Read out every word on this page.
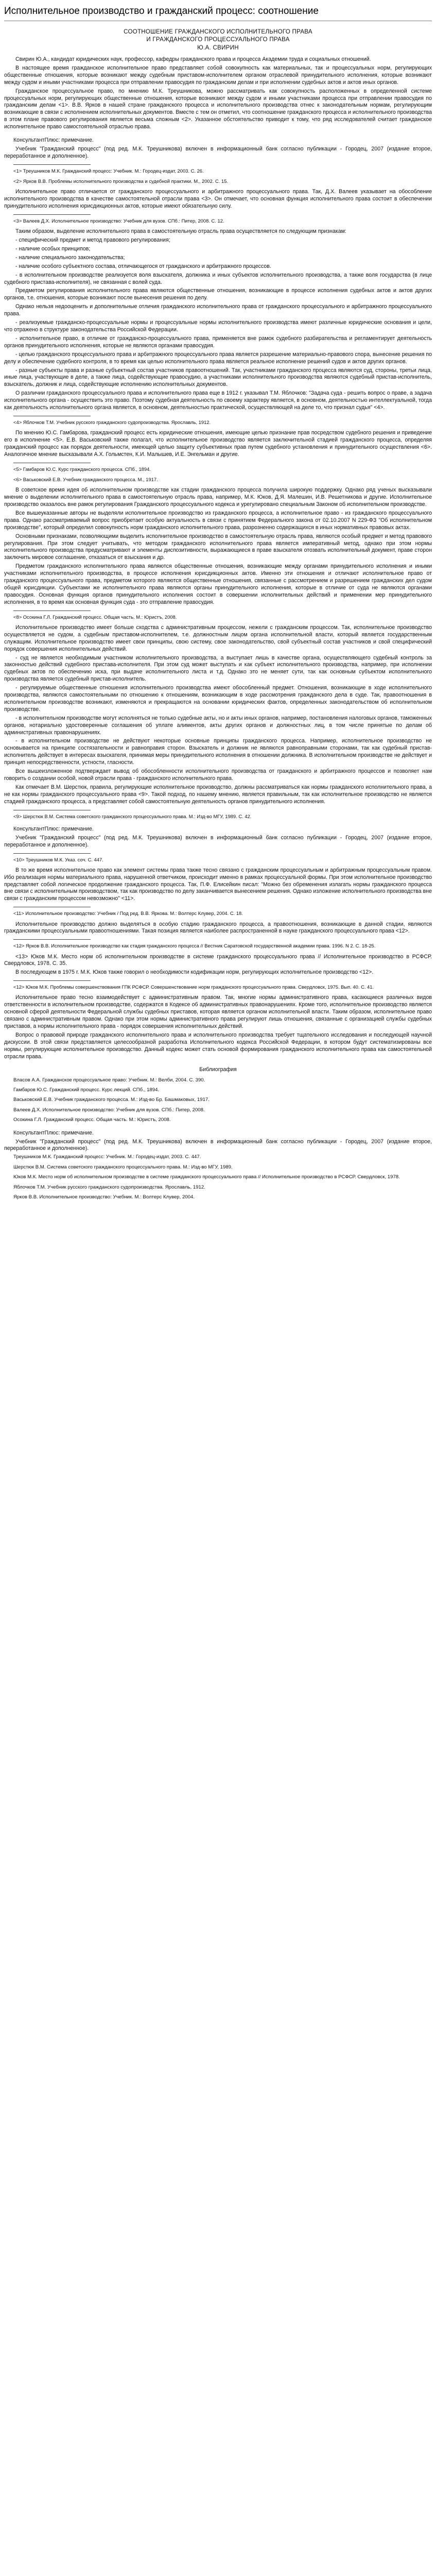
Исполнительное производство и гражданский процесс: соотношение
СООТНОШЕНИЕ ГРАЖДАНСКОГО ИСПОЛНИТЕЛЬНОГО ПРАВА
И ГРАЖДАНСКОГО ПРОЦЕССУАЛЬНОГО ПРАВА
Ю.А. СВИРИН

Свирин Ю.А., кандидат юридических наук, профессор, кафедры гражданского права и процесса Академии труда и социальных отношений.

В настоящее время гражданское исполнительное право представляет собой совокупность как материальных, так и процессуальных норм, регулирующих общественные отношения, которые возникают между судебным приставом-исполнителем органом отраслевой принудительного исполнения, которые возникают между судом и иными участниками процесса при отправлении правосудия по гражданским делам и при исполнении судебных актов и актов иных органов.

Гражданское процессуальное право, по мнению М.К. Треушникова, можно рассматривать как совокупность расположенных в определенной системе процессуальных норм, регулирующих общественные отношения, которые возникают между судом и иными участниками процесса при отправлении правосудия по гражданским делам <1>. В.В. Ярков в нашей стране гражданского процесса и исполнительного производства отнес к законодательным нормам, регулирующим возникающие в связи с исполнением исполнительных документов. Вместе с тем он отметил, что соотношение гражданского процесса и исполнительного производства в этом плане правового регулирования является весьма сложным <2>. Указанное обстоятельство приводит к тому, что ряд исследователей считает гражданское исполнительное право самостоятельной отраслью права.

КонсультантПлюс: примечание.

Учебник "Гражданский процесс" (под ред. М.К. Треушникова) включен в информационный банк согласно публикации - Городец, 2007 (издание второе, переработанное и дополненное).

<1> Треушников М.К. Гражданский процесс: Учебник. М.: Городец-издат, 2003. С. 26.
<2> Ярков В.В. Проблемы исполнительного производства и судебной практики. М., 2002. С. 15.

Исполнительное право отличается от гражданского процессуального и арбитражного процессуального права. Так, Д.Х. Валеев указывает на обособление исполнительного производства в качестве самостоятельной отрасли права <3>. Он отмечает, что основная функция исполнительного права состоит в обеспечении принудительного исполнения юрисдикционных актов, которые имеют обязательную силу.

<3> Валеев Д.Х. Исполнительное производство: Учебник для вузов. СПб.: Питер, 2008. С. 12.

Таким образом, выделение исполнительного права в самостоятельную отрасль права осуществляется по следующим признакам:

- специфический предмет и метод правового регулирования;

- наличие особых принципов;

- наличие специального законодательства;

- наличие особого субъектного состава, отличающегося от гражданского и арбитражного процессов.

- в исполнительном производстве реализуется воля взыскателя, должника и иных субъектов исполнительного производства, а также воля государства (в лице судебного пристава-исполнителя), не связанная с волей суда.

Предметом регулирования исполнительного права являются общественные отношения, возникающие в процессе исполнения судебных актов и актов других органов, т.е. отношения, которые возникают после вынесения решения по делу.

Однако нельзя недооценить и дополнительные отличия гражданского исполнительного права от гражданского процессуального и арбитражного процессуального права.

- реализуемые гражданско-процессуальные нормы и процессуальные нормы исполнительного производства имеют различные юридические основания и цели, что отражено в структуре законодательства Российской Федерации.

- исполнительное право, в отличие от гражданско-процессуального права, применяется вне рамок судебного разбирательства и регламентирует деятельность органов принудительного исполнения, которые не являются органами правосудия.

- целью гражданского процессуального права и арбитражного процессуального права является разрешение материально-правового спора, вынесение решения по делу и обеспечение судебного контроля, в то время как целью исполнительного права является реальное исполнение решений судов и актов других органов.

- разные субъекты права и разные субъектный состав участников правоотношений. Так, участниками гражданского процесса являются суд, стороны, третьи лица, иные лица, участвующие в деле, а также лица, содействующие правосудию, а участниками исполнительного производства являются судебный пристав-исполнитель, взыскатель, должник и лица, содействующие исполнению исполнительных документов.

О различии гражданского процессуального права и исполнительного права еще в 1912 г. указывал Т.М. Яблочков: "Задача суда - решить вопрос о праве, а задача исполнительного органа - осуществить это право. Поэтому судебная деятельность по своему характеру является, в основном, деятельностью интеллектуальной, тогда как деятельность исполнительного органа является, в основном, деятельностью практической, осуществляющей на деле то, что признал судья" <4>.

<4> Яблочков Т.М. Учебник русского гражданского судопроизводства. Ярославль, 1912.

По мнению Ю.С. Гамбарова, гражданский процесс есть юридические отношения, имеющие целью признание прав посредством судебного решения и приведение его в исполнение <5>. Е.В. Васьковский также полагал, что исполнительное производство является заключительной стадией гражданского процесса, определяя гражданский процесс как порядок деятельности, имеющей целью защиту субъективных прав путем судебного установления и принудительного осуществления <6>. Аналогичное мнение высказывали А.Х. Гольмстен, К.И. Малышев, И.Е. Энгельман и другие.

<5> Гамбаров Ю.С. Курс гражданского процесса. СПб., 1894.
<6> Васьковский Е.В. Учебник гражданского процесса. М., 1917.

В советское время идея об исполнительном производстве как стадии гражданского процесса получила широкую поддержку. Однако ряд ученых высказывали мнение о выделении исполнительного права в самостоятельную отрасль права, например, М.К. Юков, Д.Я. Малешин, И.В. Решетникова и другие. Исполнительное производство оказалось вне рамок регулирования Гражданского процессуального кодекса и урегулировано специальным Законом об исполнительном производстве.

Все вышеуказанные авторы не выделяли исполнительное производство из гражданского процесса, а исполнительное право - из гражданского процессуального права. Однако рассматриваемый вопрос приобретает особую актуальность в связи с принятием Федерального закона от 02.10.2007 N 229-ФЗ "Об исполнительном производстве", который определил совокупность норм гражданского исполнительного права, разрозненно содержащихся в иных нормативных правовых актах.

Основными признаками, позволяющими выделить исполнительное производство в самостоятельную отрасль права, являются особый предмет и метод правового регулирования. При этом следует учитывать, что методом гражданского исполнительного права является императивный метод, однако при этом нормы исполнительного производства предусматривают и элементы диспозитивности, выражающиеся в праве взыскателя отозвать исполнительный документ, праве сторон заключить мировое соглашение, отказаться от взыскания и др.

Предметом гражданского исполнительного права являются общественные отношения, возникающие между органами принудительного исполнения и иными участниками исполнительного производства, в процессе исполнения юрисдикционных актов. Именно эти отношения и отличают исполнительное право от гражданского процессуального права, предметом которого являются общественные отношения, связанные с рассмотрением и разрешением гражданских дел судом общей юрисдикции. Субъектами же исполнительного права являются органы принудительного исполнения, которые в отличие от суда не являются органами правосудия. Основная функция органов принудительного исполнения состоит в совершении исполнительных действий и применении мер принудительного исполнения, в то время как основная функция суда - это отправление правосудия.

<8> Осокина Г.Л. Гражданский процесс. Общая часть. М.: Юристъ, 2008.

Исполнительное производство имеет больше сходства с административным процессом, нежели с гражданским процессом. Так, исполнительное производство осуществляется не судом, а судебным приставом-исполнителем, т.е. должностным лицом органа исполнительной власти, который является государственным служащим. Исполнительное производство имеет свои принципы, свою систему, свое законодательство, свой субъектный состав участников и свой специфический порядок совершения исполнительных действий.

- суд не является необходимым участником исполнительного производства, а выступает лишь в качестве органа, осуществляющего судебный контроль за законностью действий судебного пристава-исполнителя. При этом суд может выступать и как субъект исполнительного производства, например, при исполнении судебных актов по обеспечению иска, при выдаче исполнительного листа и т.д. Однако это не меняет сути, так как основным субъектом исполнительного производства является судебный пристав-исполнитель.

- регулируемые общественные отношения исполнительного производства имеют обособленный предмет. Отношения, возникающие в ходе исполнительного производства, являются самостоятельными по отношению к отношениям, возникающим в ходе рассмотрения гражданского дела в суде. Так, правоотношения в исполнительном производстве возникают, изменяются и прекращаются на основании юридических фактов, определенных законодательством об исполнительном производстве.

- в исполнительном производстве могут исполняться не только судебные акты, но и акты иных органов, например, постановления налоговых органов, таможенных органов, нотариально удостоверенные соглашения об уплате алиментов, акты других органов и должностных лиц, в том числе принятые по делам об административных правонарушениях.

- в исполнительном производстве не действуют некоторые основные принципы гражданского процесса. Например, исполнительное производство не основывается на принципе состязательности и равноправия сторон. Взыскатель и должник не являются равноправными сторонами, так как судебный пристав-исполнитель действует в интересах взыскателя, принимая меры принудительного исполнения в отношении должника. В исполнительном производстве не действует и принцип непосредственности, устности, гласности.

Все вышеизложенное подтверждает вывод об обособленности исполнительного производства от гражданского и арбитражного процессов и позволяет нам говорить о создании особой, новой отрасли права - гражданского исполнительного права.

Как отмечает В.М. Шерстюк, правила, регулирующие исполнительное производство, должны рассматриваться как нормы гражданского исполнительного права, а не как нормы гражданского процессуального права <9>. Такой подход, по нашему мнению, является правильным, так как исполнительное производство не является стадией гражданского процесса, а представляет собой самостоятельную деятельность органов принудительного исполнения.

<9> Шерстюк В.М. Система советского гражданского процессуального права. М.: Изд-во МГУ, 1989. С. 42.
КонсультантПлюс: примечание.

Учебник "Гражданский процесс" (под ред. М.К. Треушникова) включен в информационный банк согласно публикации - Городец, 2007 (издание второе, переработанное и дополненное).

<10> Треушников М.К. Указ. соч. С. 447.

В то же время исполнительное право как элемент системы права также тесно связано с гражданским процессуальным и арбитражным процессуальным правом. Ибо реализация нормы материального права, нарушенной ответчиком, происходит именно в рамках процессуальной формы. При этом исполнительное производство представляет собой логическое продолжение гражданского процесса. Так, П.Ф. Елисейкин писал: "Можно без обременения излагать нормы гражданского процесса вне связи с исполнительным производством, так как производство по делу заканчивается вынесением решения. Однако изложение исполнительного производства вне связи с гражданским процессом невозможно" <11>.

<11> Исполнительное производство: Учебник / Под ред. В.В. Яркова. М.: Волтерс Клувер, 2004. С. 18.

Исполнительное производство должно выделяться в особую стадию гражданского процесса, а правоотношения, возникающие в данной стадии, являются гражданскими процессуальными правоотношениями. Такая позиция является наиболее распространенной в науке гражданского процессуального права <12>.

<12> Ярков В.В. Исполнительное производство как стадия гражданского процесса // Вестник Саратовской государственной академии права. 1996. N 2. С. 18-25.

<13> Юков М.К. Место норм об исполнительном производстве в системе гражданского процессуального права // Исполнительное производство в РСФСР. Свердловск, 1978. С. 35.

В последующем в 1975 г. М.К. Юков также говорил о необходимости кодификации норм, регулирующих исполнительное производство <12>.

<12> Юков М.К. Проблемы совершенствования ГПК РСФСР. Совершенствование норм гражданского процессуального права. Свердловск, 1975. Вып. 40. С. 41.

Исполнительное право тесно взаимодействует с административным правом. Так, многие нормы административного права, касающиеся различных видов ответственности в исполнительном производстве, содержатся в Кодексе об административных правонарушениях. Кроме того, исполнительное производство является основной сферой деятельности Федеральной службы судебных приставов, которая является органом исполнительной власти. Таким образом, исполнительное право связано с административным правом. Однако при этом нормы административного права регулируют лишь отношения, связанные с организацией службы судебных приставов, а нормы исполнительного права - порядок совершения исполнительных действий.

Вопрос о правовой природе гражданского исполнительного права и исполнительного производства требует тщательного исследования и последующей научной дискуссии. В этой связи представляется целесообразной разработка Исполнительного кодекса Российской Федерации, в котором будут систематизированы все нормы, регулирующие исполнительное производство. Данный кодекс может стать основой формирования гражданского исполнительного права как самостоятельной отрасли права.

Библиография
Власов А.А. Гражданское процессуальное право: Учебник. М.: Велби, 2004. С. 390.
Гамбаров Ю.С. Гражданский процесс. Курс лекций. СПб., 1894.
Васьковский Е.В. Учебник гражданского процесса. М.: Изд-во Бр. Башмаковых, 1917.
Валеев Д.Х. Исполнительное производство: Учебник для вузов. СПб.: Питер, 2008.
Осокина Г.Л. Гражданский процесс. Общая часть. М.: Юристъ, 2008.
КонсультантПлюс: примечание.

Учебник "Гражданский процесс" (под ред. М.К. Треушникова) включен в информационный банк согласно публикации - Городец, 2007 (издание второе, переработанное и дополненное).

Треушников М.К. Гражданский процесс: Учебник. М.: Городец-издат, 2003. С. 447.
Шерстюк В.М. Система советского гражданского процессуального права. М.: Изд-во МГУ, 1989.
Юков М.К. Место норм об исполнительном производстве в системе гражданского процессуального права // Исполнительное производство в РСФСР. Свердловск, 1978.
Яблочков Т.М. Учебник русского гражданского судопроизводства. Ярославль, 1912.
Ярков В.В. Исполнительное производство: Учебник. М.: Волтерс Клувер, 2004.
